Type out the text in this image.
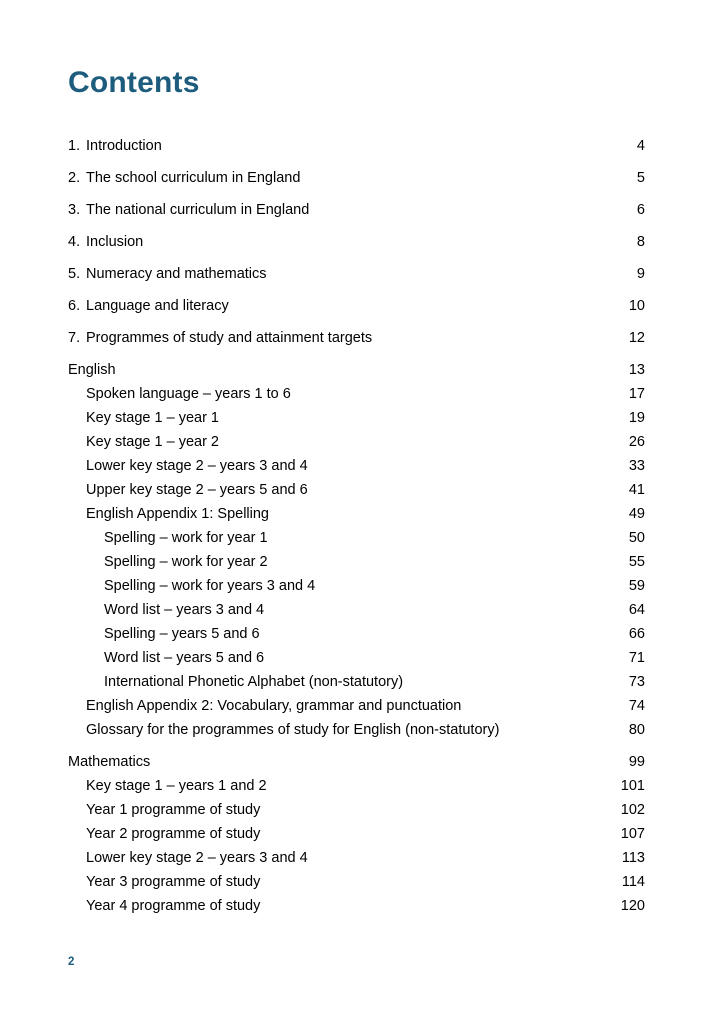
Contents
1. Introduction	4
2. The school curriculum in England	5
3. The national curriculum in England	6
4. Inclusion	8
5. Numeracy and mathematics	9
6. Language and literacy	10
7. Programmes of study and attainment targets	12
English	13
Spoken language – years 1 to 6	17
Key stage 1 – year 1	19
Key stage 1 – year 2	26
Lower key stage 2 – years 3 and 4	33
Upper key stage 2 – years 5 and 6	41
English Appendix 1: Spelling	49
Spelling – work for year 1	50
Spelling – work for year 2	55
Spelling – work for years 3 and 4	59
Word list – years 3 and 4	64
Spelling – years 5 and 6	66
Word list – years 5 and 6	71
International Phonetic Alphabet (non-statutory)	73
English Appendix 2: Vocabulary, grammar and punctuation	74
Glossary for the programmes of study for English (non-statutory)	80
Mathematics	99
Key stage 1 – years 1 and 2	101
Year 1 programme of study	102
Year 2 programme of study	107
Lower key stage 2 – years 3 and 4	113
Year 3 programme of study	114
Year 4 programme of study	120
2
